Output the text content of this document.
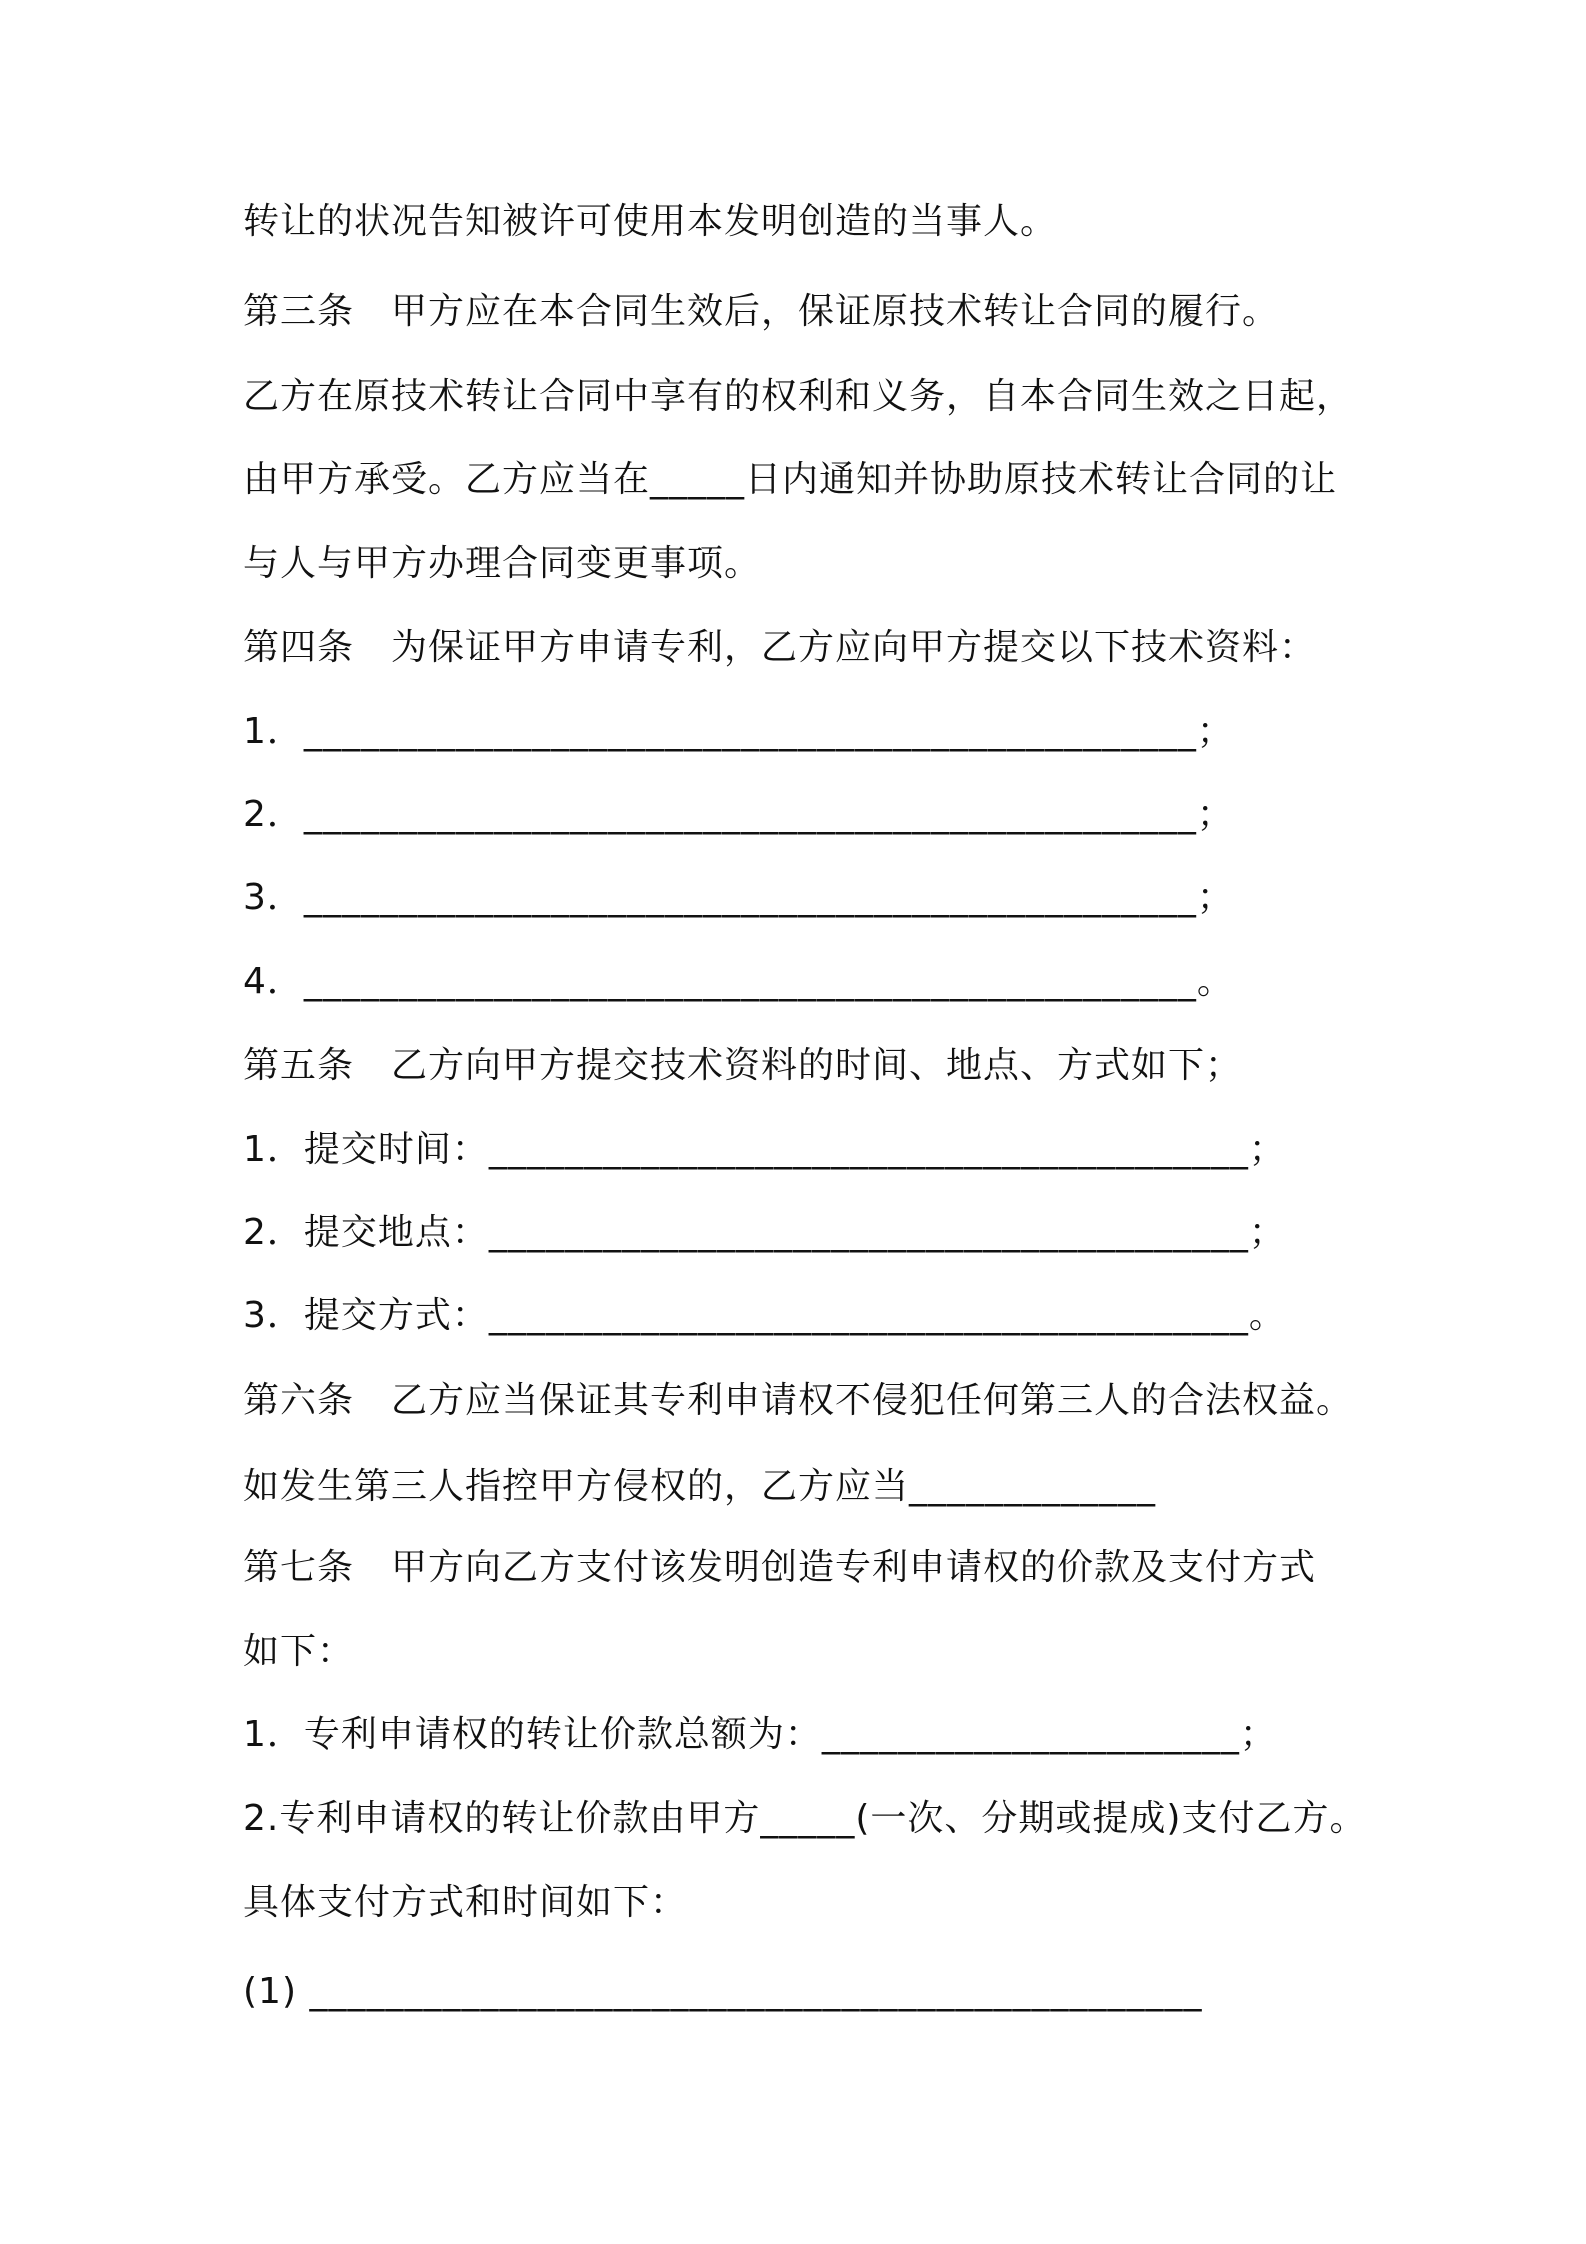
转让的状况告知被许可使用本发明创造的当事人。
第三条　甲方应在本合同生效后，保证原技术转让合同的履行。
乙方在原技术转让合同中享有的权利和义务，自本合同生效之日起，
由甲方承受。乙方应当在_____日内通知并协助原技术转让合同的让
与人与甲方办理合同变更事项。
第四条　为保证甲方申请专利，乙方应向甲方提交以下技术资料：
1．_______________________________________________；
2．_______________________________________________；
3．_______________________________________________；
4．_______________________________________________。
第五条　乙方向甲方提交技术资料的时间、地点、方式如下；
1．提交时间：________________________________________；
2．提交地点：________________________________________；
3．提交方式：________________________________________。
第六条　乙方应当保证其专利申请权不侵犯任何第三人的合法权益。
如发生第三人指控甲方侵权的，乙方应当_____________
第七条　甲方向乙方支付该发明创造专利申请权的价款及支付方式
如下：
1．专利申请权的转让价款总额为：______________________；
2.专利申请权的转让价款由甲方_____(一次、分期或提成)支付乙方。
具体支付方式和时间如下：
(1) _______________________________________________
